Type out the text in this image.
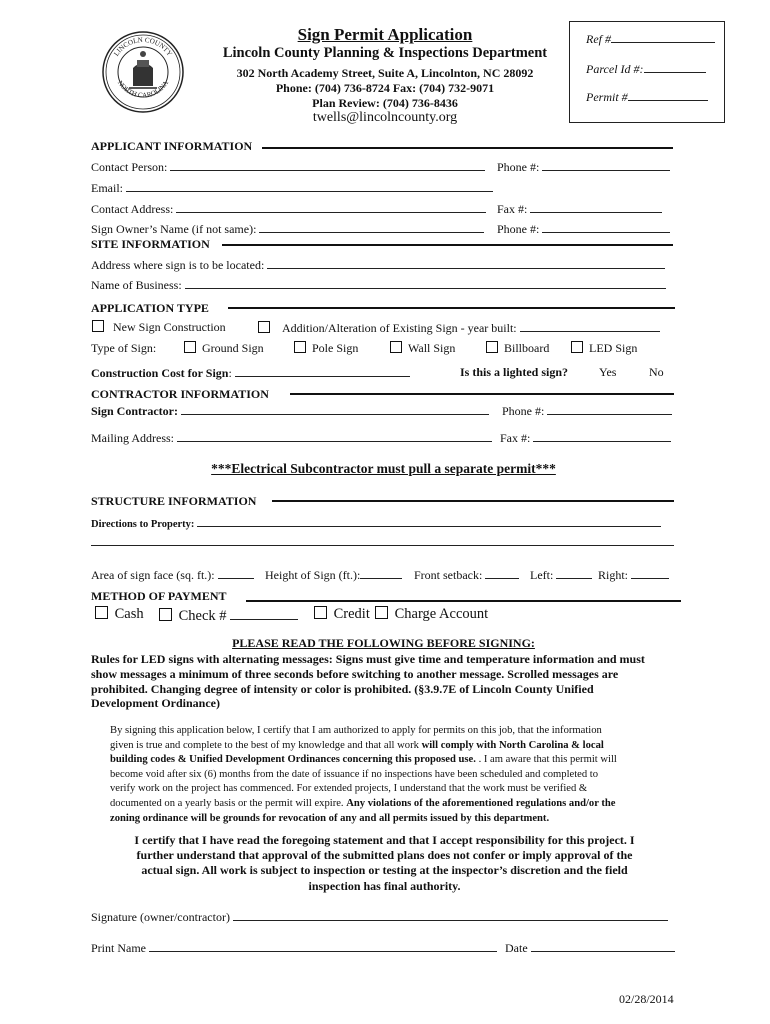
LINCOLN COUNTY
NORTH CAROLINA
Sign Permit Application
Lincoln County Planning & Inspections Department
302 North Academy Street, Suite A, Lincolnton, NC 28092
Phone: (704) 736-8724 Fax: (704) 732-9071
Plan Review: (704) 736-8436
twells@lincolncounty.org
Ref #
Parcel Id #:
Permit #
APPLICANT INFORMATION
Contact Person:	Phone #:
Email:
Contact Address:	Fax #:
Sign Owner’s Name (if not same):	Phone #:
SITE INFORMATION
Address where sign is to be located:
Name of Business:
APPLICATION TYPE
New Sign Construction	Addition/Alteration of Existing Sign - year built:
Type of Sign:	Ground Sign	Pole Sign	Wall Sign	Billboard	LED Sign
Construction Cost for Sign:	Is this a lighted sign?	Yes	No
CONTRACTOR INFORMATION
Sign Contractor:	Phone #:
Mailing Address:	Fax #:
***Electrical Subcontractor must pull a separate permit***
STRUCTURE INFORMATION
Directions to Property:
Area of sign face (sq. ft.):	Height of Sign (ft.):	Front setback:	Left:	Right:
METHOD OF PAYMENT
Cash	Check #	Credit	Charge Account
PLEASE READ THE FOLLOWING BEFORE SIGNING:
Rules for LED signs with alternating messages: Signs must give time and temperature information and must
show messages a minimum of three seconds before switching to another message. Scrolled messages are
prohibited. Changing degree of intensity or color is prohibited. (§3.9.7E of Lincoln County Unified
Development Ordinance)
By signing this application below, I certify that I am authorized to apply for permits on this job, that the information
given is true and complete to the best of my knowledge and that all work will comply with North Carolina & local
building codes & Unified Development Ordinances concerning this proposed use. . I am aware that this permit will
become void after six (6) months from the date of issuance if no inspections have been scheduled and completed to
verify work on the project has commenced. For extended projects, I understand that the work must be verified &
documented on a yearly basis or the permit will expire. Any violations of the aforementioned regulations and/or the
zoning ordinance will be grounds for revocation of any and all permits issued by this department.
I certify that I have read the foregoing statement and that I accept responsibility for this project. I
further understand that approval of the submitted plans does not confer or imply approval of the
actual sign. All work is subject to inspection or testing at the inspector’s discretion and the field
inspection has final authority.
Signature (owner/contractor)
Print Name	Date
02/28/2014
